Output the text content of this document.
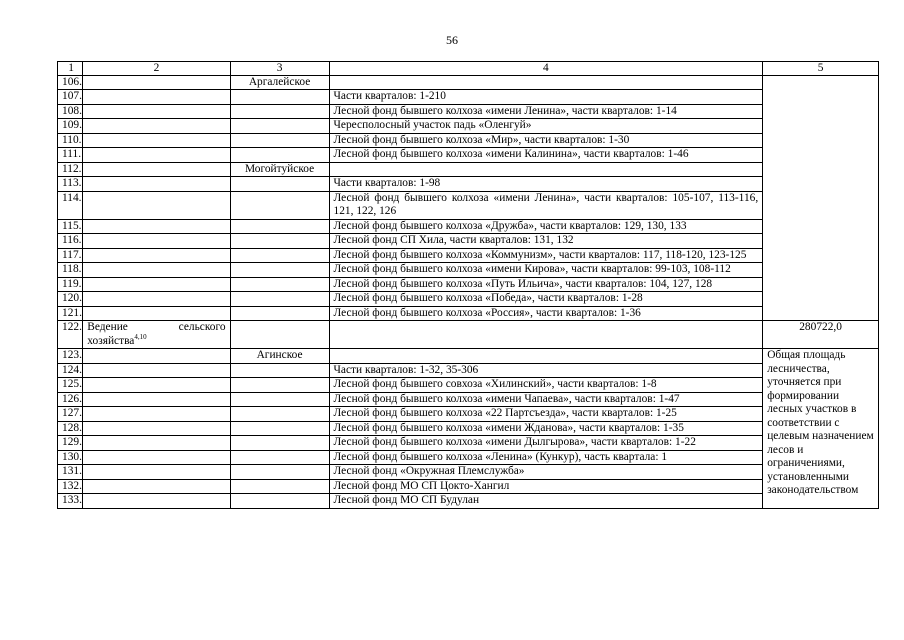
56
1	2	3	4	5
106.		Аргалейское		
107.			Части кварталов: 1-210	
108.			Лесной фонд бывшего колхоза «имени Ленина», части кварталов: 1-14	
109.			Чересполосный участок падь «Оленгуй»	
110.			Лесной фонд бывшего колхоза «Мир», части кварталов: 1-30	
111.			Лесной фонд бывшего колхоза «имени Калинина», части кварталов: 1-46	
112.		Могойтуйское		
113.			Части кварталов: 1-98	
114.			Лесной фонд бывшего колхоза «имени Ленина», части кварталов: 105-107, 113-116, 121, 122, 126	
115.			Лесной фонд бывшего колхоза «Дружба», части кварталов: 129, 130, 133	
116.			Лесной фонд СП Хила, части кварталов: 131, 132	
117.			Лесной фонд бывшего колхоза «Коммунизм», части кварталов: 117, 118-120, 123-125	
118.			Лесной фонд бывшего колхоза «имени Кирова», части кварталов: 99-103, 108-112	
119.			Лесной фонд бывшего колхоза «Путь Ильича», части кварталов: 104, 127, 128	
120.			Лесной фонд бывшего колхоза «Победа», части кварталов: 1-28	
121.			Лесной фонд бывшего колхоза «Россия», части кварталов: 1-36	
122.	Ведение сельского хозяйства$^{4,10}$			280722,0
123.		Агинское		Общая площадь лесничества, уточняется при формировании лесных участков в соответствии с целевым назначением лесов и ограничениями, установленными законодательством
124.			Части кварталов: 1-32, 35-306	
125.			Лесной фонд бывшего совхоза «Хилинский», части кварталов: 1-8	
126.			Лесной фонд бывшего колхоза «имени Чапаева», части кварталов: 1-47	
127.			Лесной фонд бывшего колхоза «22 Партсъезда», части кварталов: 1-25	
128.			Лесной фонд бывшего колхоза «имени Жданова», части кварталов: 1-35	
129.			Лесной фонд бывшего колхоза «имени Дылгырова», части кварталов: 1-22	
130.			Лесной фонд бывшего колхоза «Ленина» (Кункур), часть квартала: 1	
131.			Лесной фонд «Окружная Племслужба»	
132.			Лесной фонд МО СП Цокто-Хангил	
133.			Лесной фонд МО СП Будулан	
